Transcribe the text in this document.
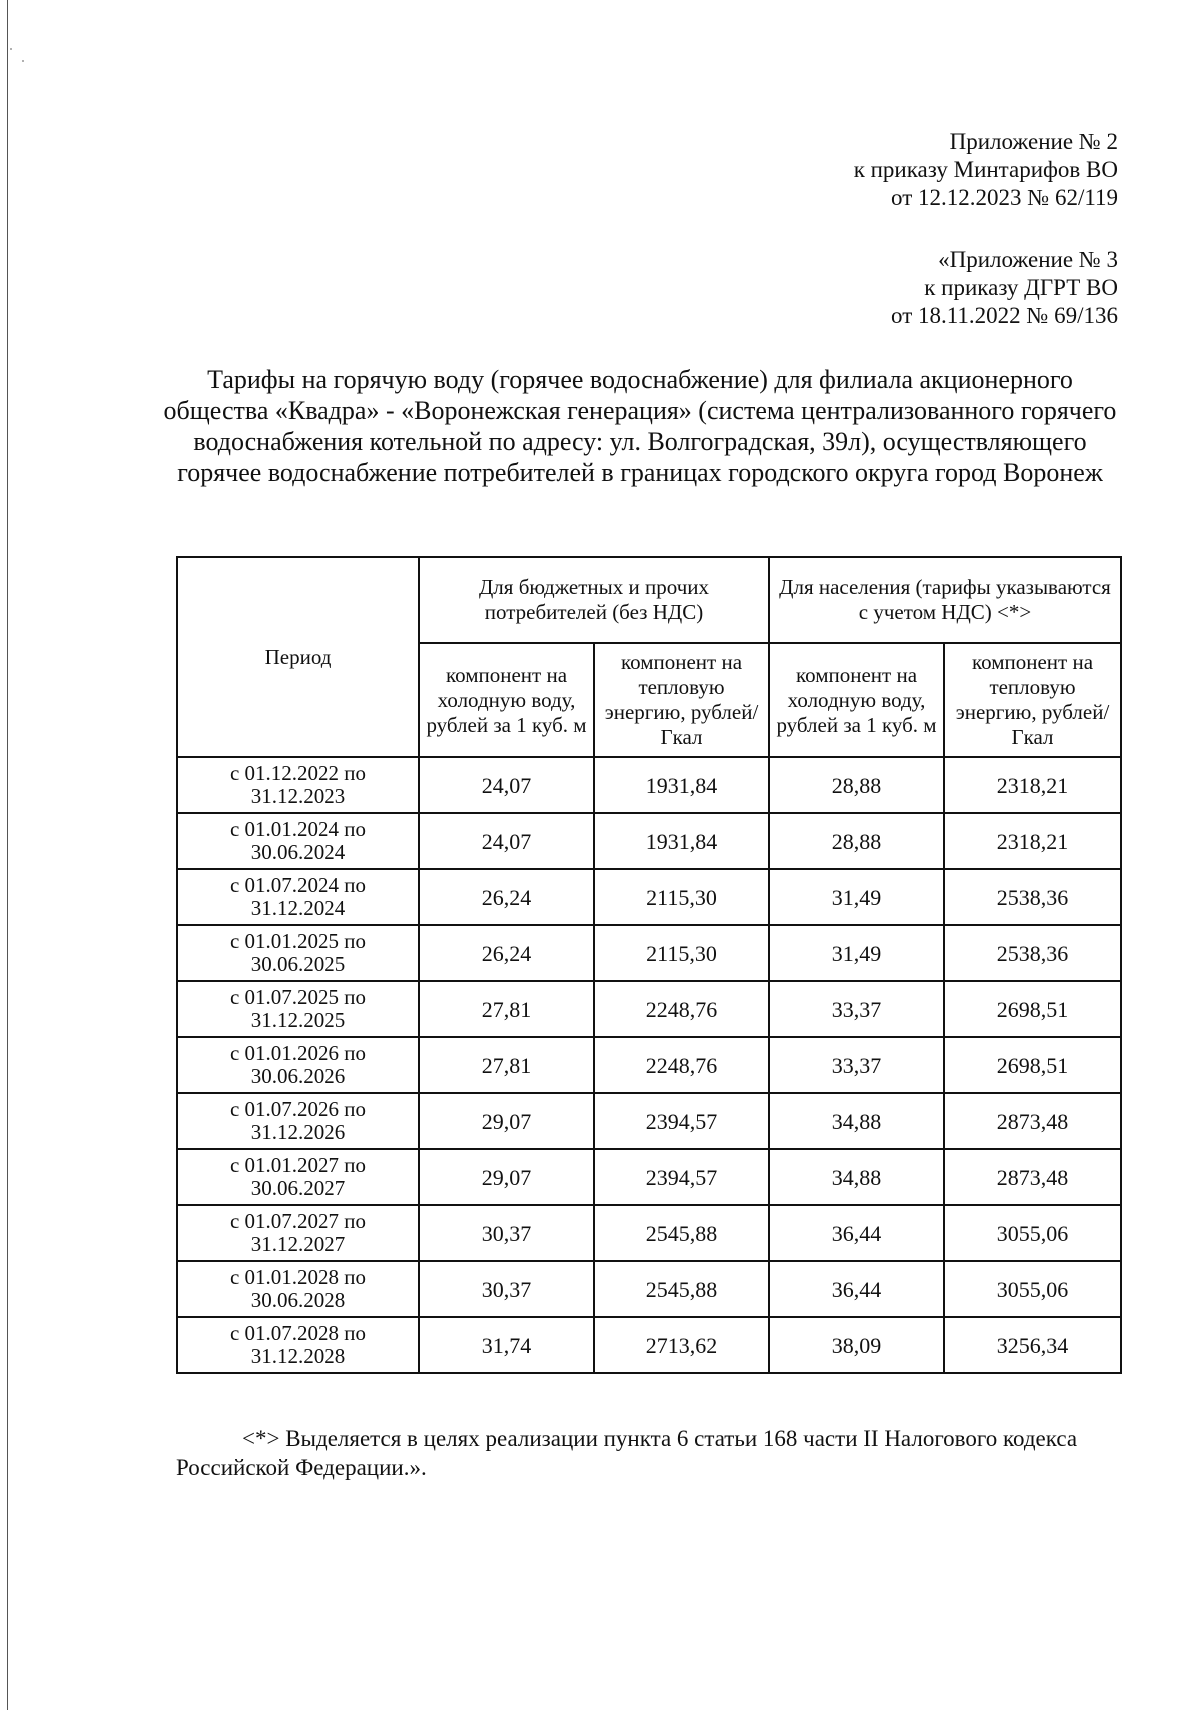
Приложение № 2
к приказу Минтарифов ВО
от 12.12.2023 № 62/119
«Приложение № 3
к приказу ДГРТ ВО
от 18.11.2022 № 69/136
Тарифы на горячую воду (горячее водоснабжение) для филиала акционерного общества «Квадра» - «Воронежская генерация» (система централизованного горячего водоснабжения котельной по адресу: ул. Волгоградская, 39л), осуществляющего горячее водоснабжение потребителей в границах городского округа город Воронеж
Период	Для бюджетных и прочих потребителей (без НДС)		Для населения (тарифы указываются с учетом НДС) <*>	
	компонент на холодную воду, рублей за 1 куб. м	компонент на тепловую энергию, рублей/Гкал	компонент на холодную воду, рублей за 1 куб. м	компонент на тепловую энергию, рублей/Гкал
с 01.12.2022 по 31.12.2023	24,07	1931,84	28,88	2318,21
с 01.01.2024 по 30.06.2024	24,07	1931,84	28,88	2318,21
с 01.07.2024 по 31.12.2024	26,24	2115,30	31,49	2538,36
с 01.01.2025 по 30.06.2025	26,24	2115,30	31,49	2538,36
с 01.07.2025 по 31.12.2025	27,81	2248,76	33,37	2698,51
с 01.01.2026 по 30.06.2026	27,81	2248,76	33,37	2698,51
с 01.07.2026 по 31.12.2026	29,07	2394,57	34,88	2873,48
с 01.01.2027 по 30.06.2027	29,07	2394,57	34,88	2873,48
с 01.07.2027 по 31.12.2027	30,37	2545,88	36,44	3055,06
с 01.01.2028 по 30.06.2028	30,37	2545,88	36,44	3055,06
с 01.07.2028 по 31.12.2028	31,74	2713,62	38,09	3256,34
<*> Выделяется в целях реализации пункта 6 статьи 168 части II Налогового кодекса Российской Федерации.».
